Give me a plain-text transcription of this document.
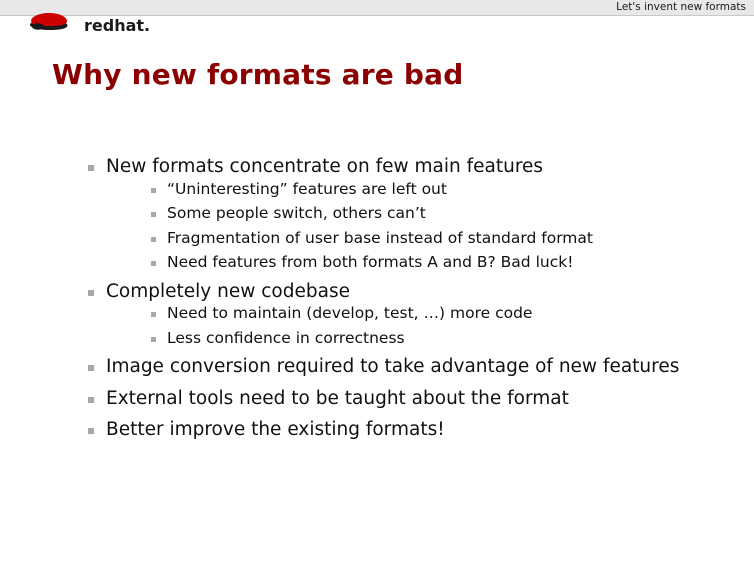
Let's invent new formats
redhat.
Why new formats are bad
New formats concentrate on few main features
“Uninteresting” features are left out
Some people switch, others can’t
Fragmentation of user base instead of standard format
Need features from both formats A and B? Bad luck!
Completely new codebase
Need to maintain (develop, test, …) more code
Less confidence in correctness
Image conversion required to take advantage of new features
External tools need to be taught about the format
Better improve the existing formats!
